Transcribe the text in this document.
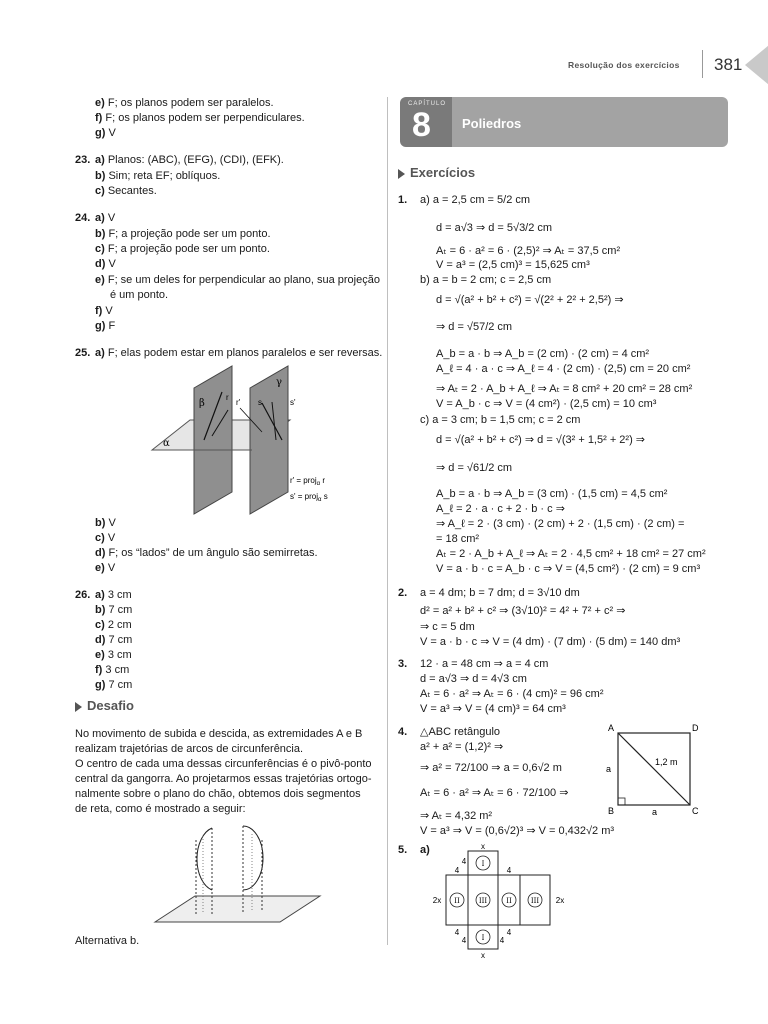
Resolução dos exercícios 381
e) F; os planos podem ser paralelos.
f) F; os planos podem ser perpendiculares.
g) V
23. a) Planos: (ABC), (EFG), (CDI), (EFK).
b) Sim; reta EF; oblíquos.
c) Secantes.
24. a) V
b) F; a projeção pode ser um ponto.
c) F; a projeção pode ser um ponto.
d) V
e) F; se um deles for perpendicular ao plano, sua projeção
é um ponto.
f) V
g) F
25. a) F; elas podem estar em planos paralelos e ser reversas.
β
γ
α
r'
r
s	s'
r' = proj$_\alpha$ r
s' = proj$_\alpha$ s
b) V
c) V
d) F; os “lados” de um ângulo são semirretas.
e) V
26. a) 3 cm
b) 7 cm
c) 2 cm
d) 7 cm
e) 3 cm
f) 3 cm
g) 7 cm
Desafio
No movimento de subida e descida, as extremidades A e B
realizam trajetórias de arcos de circunferência.
O centro de cada uma dessas circunferências é o pivô-ponto
central da gangorra. Ao projetarmos essas trajetórias ortogo-
nalmente sobre o plano do chão, obtemos dois segmentos
de reta, como é mostrado a seguir:
Alternativa b.
CAPÍTULO
8 Poliedros
Exercícios
1. a) a = 2,5 cm = 5/2 cm
d = a√3 ⇒ d = 5√3/2 cm
Aₜ = 6 · a² = 6 · (2,5)² ⇒ Aₜ = 37,5 cm²
V = a³ = (2,5 cm)³ = 15,625 cm³
b) a = b = 2 cm; c = 2,5 cm
d = √(a² + b² + c²) = √(2² + 2² + 2,5²) ⇒
⇒ d = √57/2 cm
A_b = a · b ⇒ A_b = (2 cm) · (2 cm) = 4 cm²
A_ℓ = 4 · a · c ⇒ A_ℓ = 4 · (2 cm) · (2,5) cm = 20 cm²
⇒ Aₜ = 2 · A_b + A_ℓ ⇒ Aₜ = 8 cm² + 20 cm² = 28 cm²
V = A_b · c ⇒ V = (4 cm²) · (2,5 cm) = 10 cm³
c) a = 3 cm; b = 1,5 cm; c = 2 cm
d = √(a² + b² + c²) ⇒ d = √(3² + 1,5² + 2²) ⇒
⇒ d = √61/2 cm
A_b = a · b ⇒ A_b = (3 cm) · (1,5 cm) = 4,5 cm²
A_ℓ = 2 · a · c + 2 · b · c ⇒
⇒ A_ℓ = 2 · (3 cm) · (2 cm) + 2 · (1,5 cm) · (2 cm) =
= 18 cm²
Aₜ = 2 · A_b + A_ℓ ⇒ Aₜ = 2 · 4,5 cm² + 18 cm² = 27 cm²
V = a · b · c = A_b · c ⇒ V = (4,5 cm²) · (2 cm) = 9 cm³
2. a = 4 dm; b = 7 dm; d = 3√10 dm
d² = a² + b² + c² ⇒ (3√10)² = 4² + 7² + c² ⇒
⇒ c = 5 dm
V = a · b · c ⇒ V = (4 dm) · (7 dm) · (5 dm) = 140 dm³
3. 12 · a = 48 cm ⇒ a = 4 cm
d = a√3 ⇒ d = 4√3 cm
Aₜ = 6 · a² ⇒ Aₜ = 6 · (4 cm)² = 96 cm²
V = a³ ⇒ V = (4 cm)³ = 64 cm³
4. △ABC retângulo
a² + a² = (1,2)² ⇒
⇒ a² = 72/100 ⇒ a = 0,6√2 m
Aₜ = 6 · a² ⇒ Aₜ = 6 · 72/100 ⇒
⇒ Aₜ = 4,32 m²
V = a³ ⇒ V = (0,6√2)³ ⇒ V = 0,432√2 m³
A	D
B	C
a
a
1,2 m
5. a)
I
II	III	II	III
I
x
x
4
4	4
4
4
4
4
2x	2x
